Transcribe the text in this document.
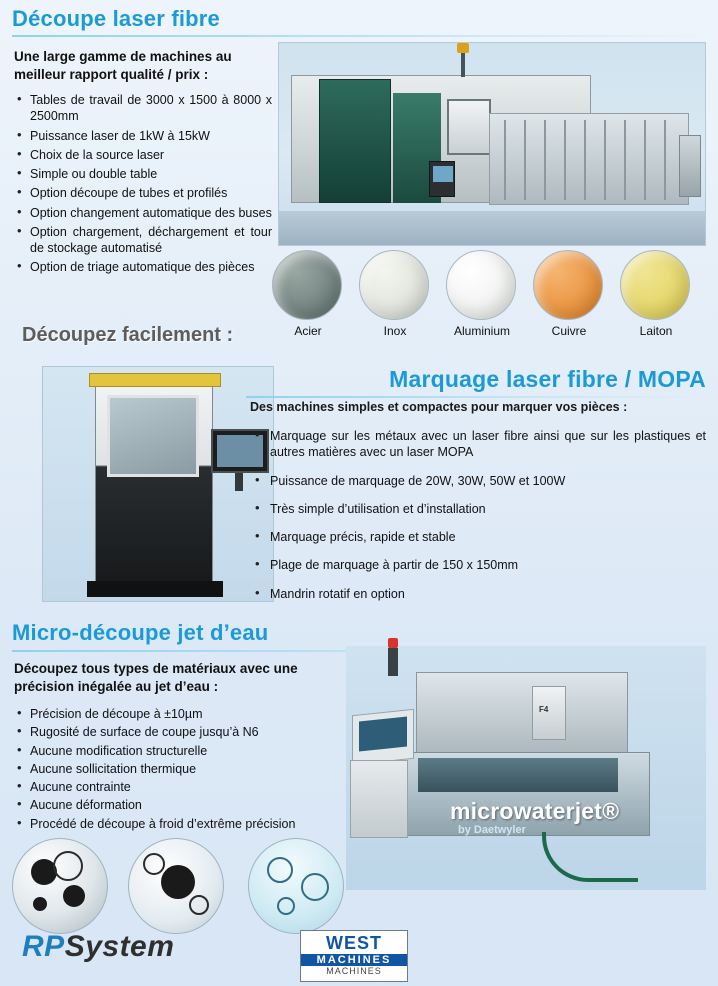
Découpe laser fibre
Une large gamme de machines au meilleur rapport qualité / prix :
• Tables de travail de 3000 x 1500 à 8000 x 2500mm
• Puissance laser de 1kW à 15kW
• Choix de la source laser
• Simple ou double table
• Option découpe de tubes et profilés
• Option changement automatique des buses
• Option chargement, déchargement et tour de stockage automatisé
• Option de triage automatique des pièces
Acier	Inox	Aluminium	Cuivre	Laiton
Découpez facilement :
Marquage laser fibre / MOPA
Des machines simples et compactes pour marquer vos pièces :
• Marquage sur les métaux avec un laser fibre ainsi que sur les plastiques et autres matières avec un laser MOPA
• Puissance de marquage de 20W, 30W, 50W et 100W
• Très simple d’utilisation et d’installation
• Marquage précis, rapide et stable
• Plage de marquage à partir de 150 x 150mm
• Mandrin rotatif en option
Micro-découpe jet d’eau
Découpez tous types de matériaux avec une précision inégalée au jet d’eau :
• Précision de découpe à ±10µm
• Rugosité de surface de coupe jusqu’à N6
• Aucune modification structurelle
• Aucune sollicitation thermique
• Aucune contrainte
• Aucune déformation
• Procédé de découpe à froid d’extrême précision
F4
microwaterjet®
by Daetwyler
RPSystem	WEST
MACHINES
MACHINES
